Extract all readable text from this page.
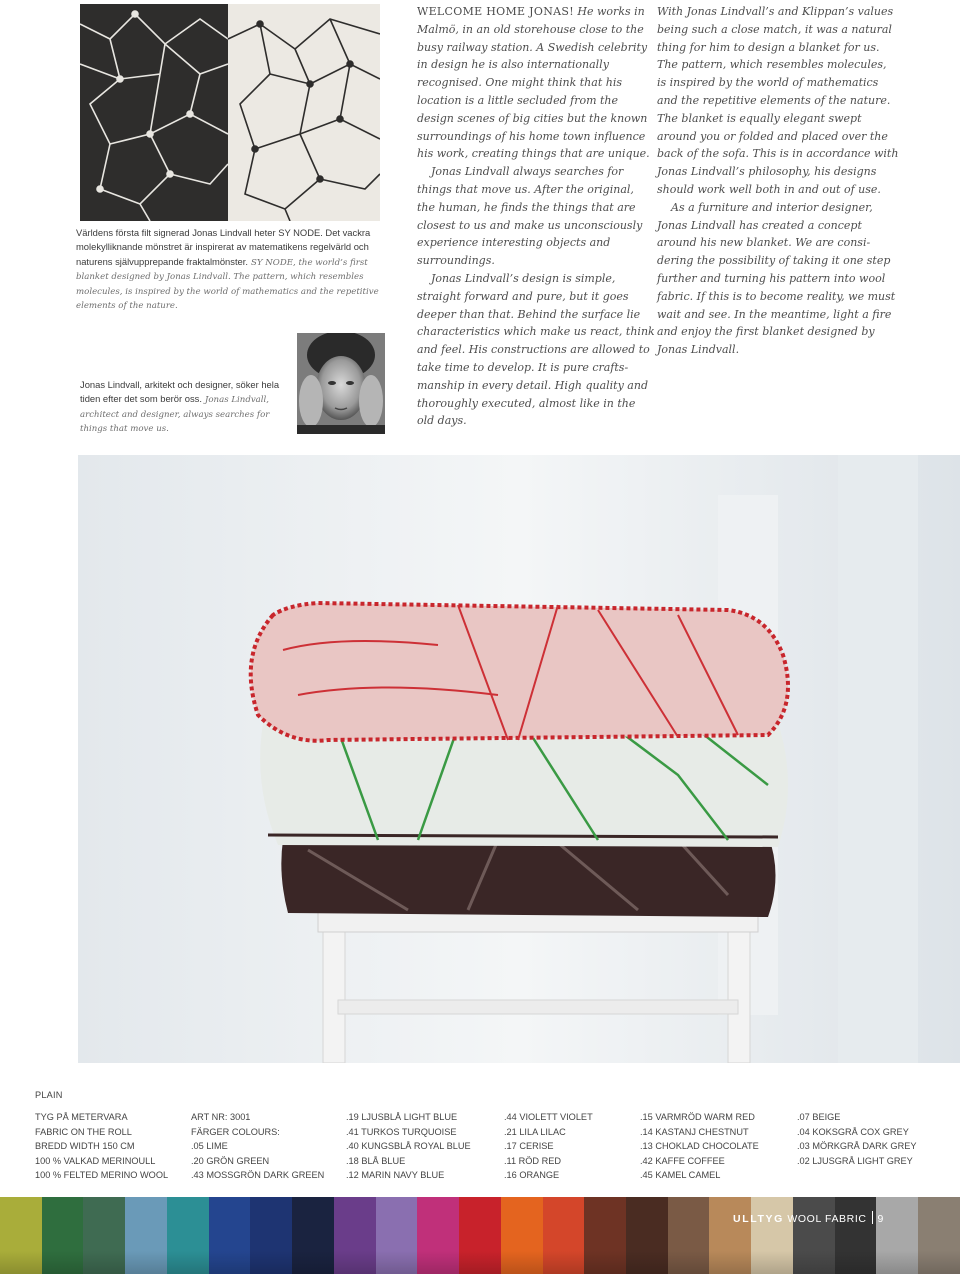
Världens första filt signerad Jonas Lindvall heter SY NODE. Det vackra molekylliknande mönstret är inspirerat av matematikens regelvärld och naturens självupprepande fraktalmönster. SY NODE, the world’s first blanket designed by Jonas Lindvall. The pattern, which resembles molecules, is inspired by the world of mathematics and the repetitive elements of the nature.
Jonas Lindvall, arkitekt och designer, söker hela tiden efter det som berör oss. Jonas Lindvall, architect and designer, always searches for things that move us.

WELCOME HOME JONAS! He works in Malmö, in an old storehouse close to the busy railway station. A Swedish celebrity in design he is also internationally recognised. One might think that his location is a little secluded from the design scenes of big cities but the known surroundings of his home town influence his work, creating things that are unique.

Jonas Lindvall always searches for things that move us. After the original, the human, he finds the things that are closest to us and make us unconsciously experience interesting objects and surroundings.

Jonas Lindvall’s design is simple, straight forward and pure, but it goes deeper than that. Behind the surface lie characteristics which make us react, think and feel. His constructions are allowed to take time to develop. It is pure crafts-manship in every detail. High quality and thoroughly executed, almost like in the old days.

With Jonas Lindvall’s and Klippan’s values being such a close match, it was a natural thing for him to design a blanket for us. The pattern, which resembles molecules, is inspired by the world of mathematics and the repetitive elements of the nature. The blanket is equally elegant swept around you or folded and placed over the back of the sofa. This is in accordance with Jonas Lindvall’s philosophy, his designs should work well both in and out of use.

As a furniture and interior designer, Jonas Lindvall has created a concept around his new blanket. We are consi-dering the possibility of taking it one step further and turning his pattern into wool fabric. If this is to become reality, we must wait and see. In the meantime, light a fire and enjoy the first blanket designed by Jonas Lindvall.

PLAIN
TYG PÅ METERVARA
FABRIC ON THE ROLL
BREDD WIDTH 150 CM
100 % VALKAD MERINOULL
100 % FELTED MERINO WOOL
ART NR: 3001
FÄRGER COLOURS:
.05 LIME
.20 GRÖN GREEN
.43 MOSSGRÖN DARK GREEN
.19 LJUSBLÅ LIGHT BLUE
.41 TURKOS TURQUOISE
.40 KUNGSBLÅ ROYAL BLUE
.18 BLÅ BLUE
.12 MARIN NAVY BLUE
.44 VIOLETT VIOLET
.21 LILA LILAC
.17 CERISE
.11 RÖD RED
.16 ORANGE
.15 VARMRÖD WARM RED
.14 KASTANJ CHESTNUT
.13 CHOKLAD CHOCOLATE
.42 KAFFE COFFEE
.45 KAMEL CAMEL
.07 BEIGE
.04 KOKSGRÅ COX GREY
.03 MÖRKGRÅ DARK GREY
.02 LJUSGRÅ LIGHT GREY
ULLTYG WOOL FABRIC 9
